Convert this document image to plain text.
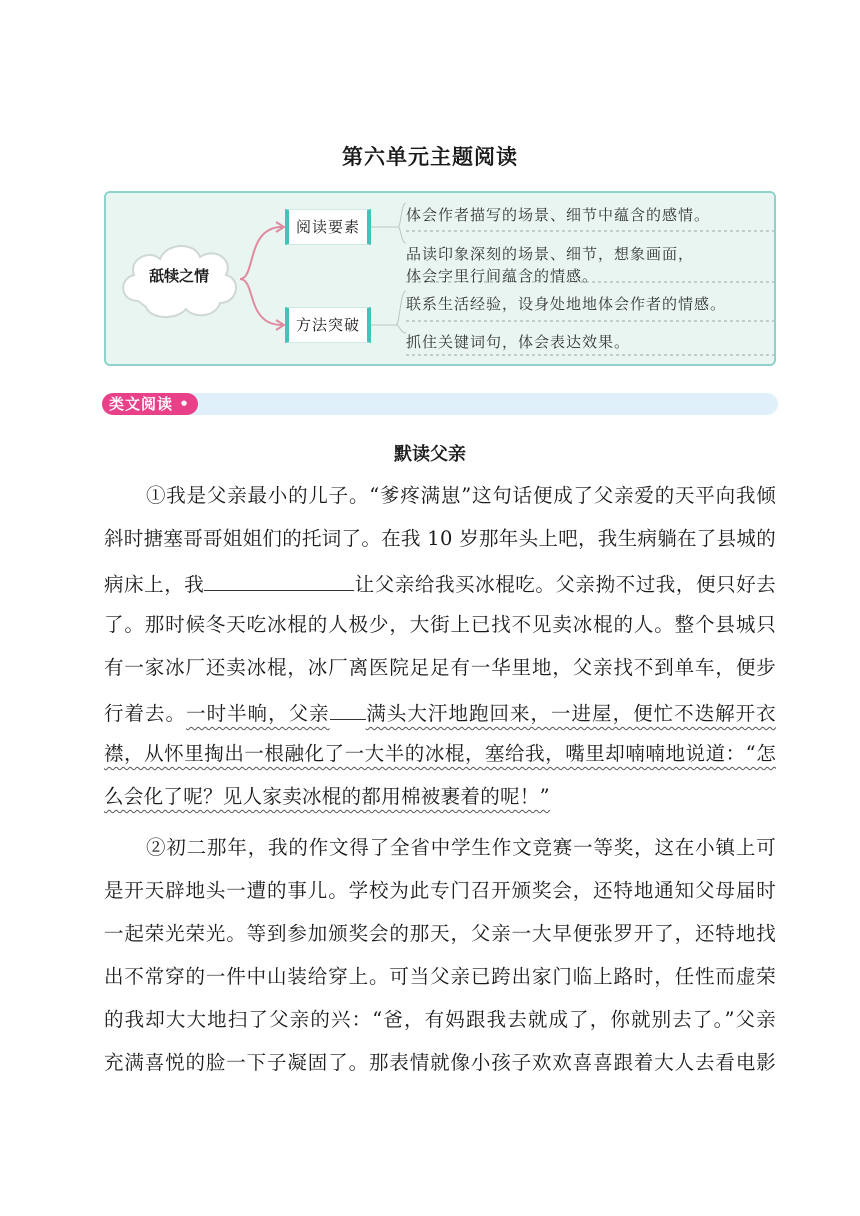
第六单元主题阅读
舐犊之情
阅读要素
方法突破
体会作者描写的场景、细节中蕴含的感情。
品读印象深刻的场景、细节，想象画面，
体会字里行间蕴含的情感。
联系生活经验，设身处地地体会作者的情感。
抓住关键词句，体会表达效果。
类文阅读 •
默读父亲
①我是父亲最小的儿子。“爹疼满崽”这句话便成了父亲爱的天平向我倾
斜时搪塞哥哥姐姐们的托词了。在我 10 岁那年头上吧，我生病躺在了县城的
病床上，我	让父亲给我买冰棍吃。父亲拗不过我，便只好去
了。那时候冬天吃冰棍的人极少，大街上已找不见卖冰棍的人。整个县城只
有一家冰厂还卖冰棍，冰厂离医院足足有一华里地，父亲找不到单车，便步
行着去。一时半晌，父亲 满头大汗地跑回来，一进屋，便忙不迭解开衣
襟，从怀里掏出一根融化了一大半的冰棍，塞给我，嘴里却喃喃地说道：“怎
么会化了呢？见人家卖冰棍的都用棉被裹着的呢！”
②初二那年，我的作文得了全省中学生作文竞赛一等奖，这在小镇上可
是开天辟地头一遭的事儿。学校为此专门召开颁奖会，还特地通知父母届时
一起荣光荣光。等到参加颁奖会的那天，父亲一大早便张罗开了，还特地找
出不常穿的一件中山装给穿上。可当父亲已跨出家门临上路时，任性而虚荣
的我却大大地扫了父亲的兴：“爸，有妈跟我去就成了，你就别去了。”父亲
充满喜悦的脸一下子凝固了。那表情就像小孩子欢欢喜喜跟着大人去看电影
